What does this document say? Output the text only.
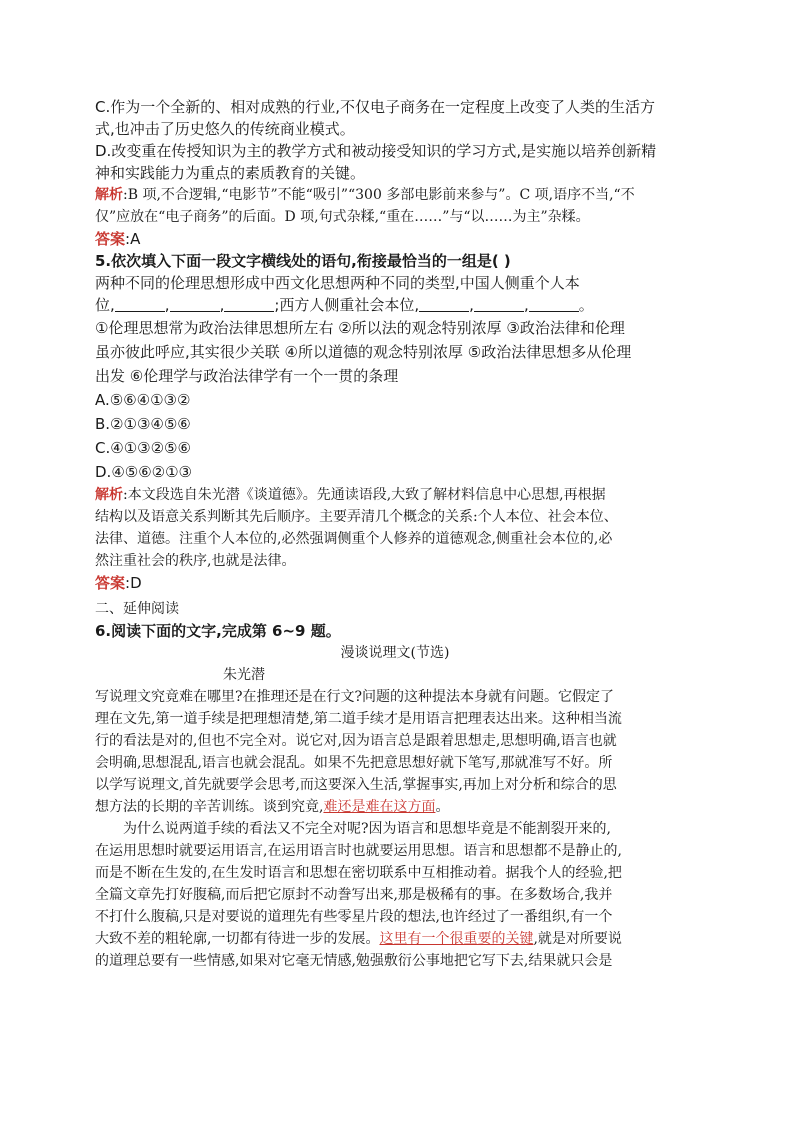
C.作为一个全新的、相对成熟的行业,不仅电子商务在一定程度上改变了人类的生活方

式,也冲击了历史悠久的传统商业模式。

D.改变重在传授知识为主的教学方式和被动接受知识的学习方式,是实施以培养创新精

神和实践能力为重点的素质教育的关键。

解析:B 项,不合逻辑,“电影节”不能“吸引”“300 多部电影前来参与”。C 项,语序不当,“不

仅”应放在“电子商务”的后面。D 项,句式杂糅,“重在……”与“以……为主”杂糅。

答案:A

5.依次填入下面一段文字横线处的语句,衔接最恰当的一组是( )

两种不同的伦理思想形成中西文化思想两种不同的类型,中国人侧重个人本

位,	,	,	;西方人侧重社会本位,	,	,	。

①伦理思想常为政治法律思想所左右 ②所以法的观念特别浓厚 ③政治法律和伦理

虽亦彼此呼应,其实很少关联 ④所以道德的观念特别浓厚 ⑤政治法律思想多从伦理

出发 ⑥伦理学与政治法律学有一个一贯的条理

A.⑤⑥④①③②

B.②①③④⑤⑥

C.④①③②⑤⑥

D.④⑤⑥②①③

解析:本文段选自朱光潜《谈道德》。先通读语段,大致了解材料信息中心思想,再根据

结构以及语意关系判断其先后顺序。主要弄清几个概念的关系:个人本位、社会本位、

法律、道德。注重个人本位的,必然强调侧重个人修养的道德观念,侧重社会本位的,必

然注重社会的秩序,也就是法律。

答案:D

二、延伸阅读

6.阅读下面的文字,完成第 6~9 题。

漫谈说理文(节选)

朱光潜

写说理文究竟难在哪里?在推理还是在行文?问题的这种提法本身就有问题。它假定了

理在文先,第一道手续是把理想清楚,第二道手续才是用语言把理表达出来。这种相当流

行的看法是对的,但也不完全对。说它对,因为语言总是跟着思想走,思想明确,语言也就

会明确,思想混乱,语言也就会混乱。如果不先把意思想好就下笔写,那就准写不好。所

以学写说理文,首先就要学会思考,而这要深入生活,掌握事实,再加上对分析和综合的思

想方法的长期的辛苦训练。谈到究竟,难还是难在这方面。

为什么说两道手续的看法又不完全对呢?因为语言和思想毕竟是不能割裂开来的,

在运用思想时就要运用语言,在运用语言时也就要运用思想。语言和思想都不是静止的,

而是不断在生发的,在生发时语言和思想在密切联系中互相推动着。据我个人的经验,把

全篇文章先打好腹稿,而后把它原封不动誊写出来,那是极稀有的事。在多数场合,我并

不打什么腹稿,只是对要说的道理先有些零星片段的想法,也许经过了一番组织,有一个

大致不差的粗轮廓,一切都有待进一步的发展。这里有一个很重要的关键,就是对所要说

的道理总要有一些情感,如果对它毫无情感,勉强敷衍公事地把它写下去,结果就只会是
